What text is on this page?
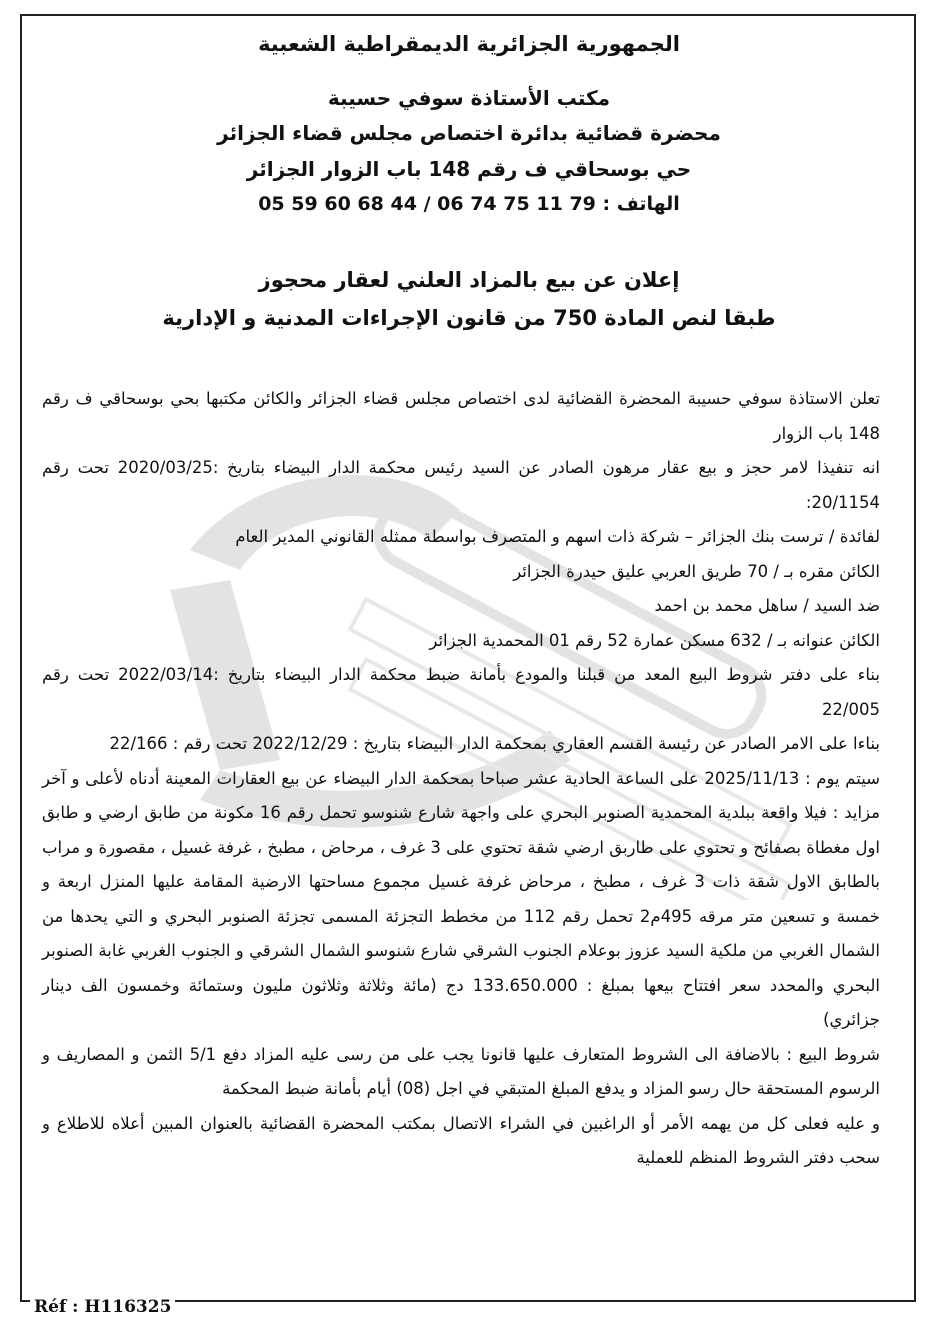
الجمهورية الجزائرية الديمقراطية الشعبية
مكتب الأستاذة سوفي حسيبة
محضرة قضائية بدائرة اختصاص مجلس قضاء الجزائر
حي بوسحاقي ف رقم 148 باب الزوار الجزائر
الهاتف : 79 11 75 74 06 / 44 68 60 59 05
إعلان عن بيع بالمزاد العلني لعقار محجوز
طبقا لنص المادة 750 من قانون الإجراءات المدنية و الإدارية

تعلن الاستاذة سوفي حسيبة المحضرة القضائية لدى اختصاص مجلس قضاء الجزائر والكائن مكتبها بحي بوسحاقي ف رقم 148 باب الزوار

انه تنفيذا لامر حجز و بيع عقار مرهون الصادر عن السيد رئيس محكمة الدار البيضاء بتاريخ :2020/03/25 تحت رقم 20/1154:

لفائدة / ترست بنك الجزائر – شركة ذات اسهم و المتصرف بواسطة ممثله القانوني المدير العام

الكائن مقره بـ / 70 طريق العربي عليق حيدرة الجزائر

ضد السيد / ساهل محمد بن احمد

الكائن عنوانه بـ / 632 مسكن عمارة 52 رقم 01 المحمدية الجزائر

بناء على دفتر شروط البيع المعد من قبلنا والمودع بأمانة ضبط محكمة الدار البيضاء بتاريخ :2022/03/14 تحت رقم 22/005

بناءا على الامر الصادر عن رئيسة القسم العقاري بمحكمة الدار البيضاء بتاريخ : 2022/12/29 تحت رقم : 22/166

سيتم يوم : 2025/11/13 على الساعة الحادية عشر صباحا بمحكمة الدار البيضاء عن بيع العقارات المعينة أدناه لأعلى و آخر مزايد : فيلا واقعة ببلدية المحمدية الصنوبر البحري على واجهة شارع شنوسو تحمل رقم 16 مكونة من طابق ارضي و طابق اول مغطاة بصفائح و تحتوي على طاربق ارضي شقة تحتوي على 3 غرف ، مرحاض ، مطبخ ، غرفة غسيل ، مقصورة و مراب بالطابق الاول شقة ذات 3 غرف ، مطبخ ، مرحاض غرفة غسيل مجموع مساحتها الارضية المقامة عليها المنزل اربعة و خمسة و تسعين متر مرقه 495م2 تحمل رقم 112 من مخطط التجزئة المسمى تجزئة الصنوبر البحري و التي يحدها من الشمال الغربي من ملكية السيد عزوز بوعلام الجنوب الشرقي شارع شنوسو الشمال الشرقي و الجنوب الغربي غابة الصنوبر البحري والمحدد سعر افتتاح بيعها بمبلغ : 133.650.000 دج (مائة وثلاثة وثلاثون مليون وستمائة وخمسون الف دينار جزائري)

شروط البيع : بالاضافة الى الشروط المتعارف عليها قانونا يجب على من رسى عليه المزاد دفع 5/1 الثمن و المصاريف و الرسوم المستحقة حال رسو المزاد و يدفع المبلغ المتبقي في اجل (08) أيام بأمانة ضبط المحكمة

و عليه فعلى كل من يهمه الأمر أو الراغبين في الشراء الاتصال بمكتب المحضرة القضائية بالعنوان المبين أعلاه للاطلاع و سحب دفتر الشروط المنظم للعملية

Réf : H116325
